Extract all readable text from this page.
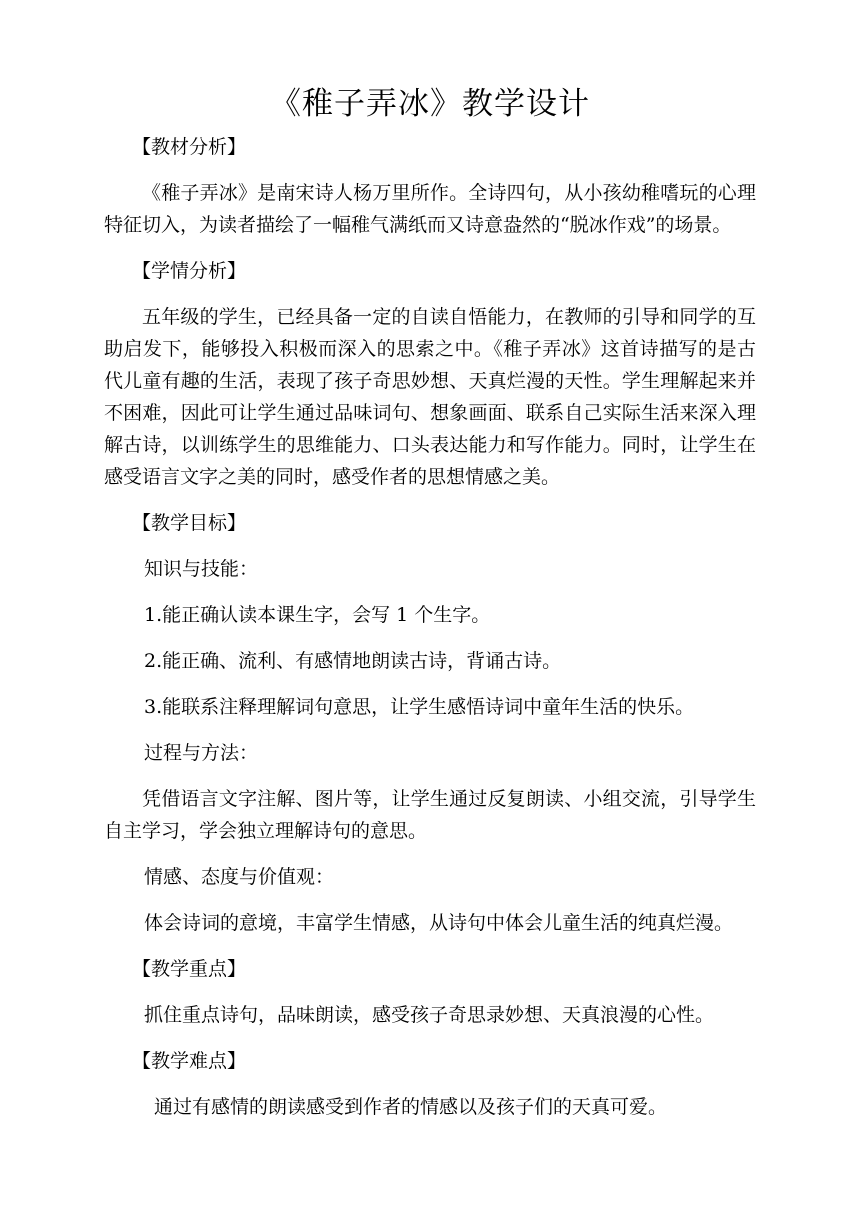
《稚子弄冰》教学设计

【教材分析】

《稚子弄冰》是南宋诗人杨万里所作。全诗四句，从小孩幼稚嗜玩的心理特征切入，为读者描绘了一幅稚气满纸而又诗意盎然的“脱冰作戏”的场景。

【学情分析】

五年级的学生，已经具备一定的自读自悟能力，在教师的引导和同学的互助启发下，能够投入积极而深入的思索之中。《稚子弄冰》这首诗描写的是古代儿童有趣的生活，表现了孩子奇思妙想、天真烂漫的天性。学生理解起来并不困难，因此可让学生通过品味词句、想象画面、联系自己实际生活来深入理解古诗，以训练学生的思维能力、口头表达能力和写作能力。同时，让学生在感受语言文字之美的同时，感受作者的思想情感之美。

【教学目标】

知识与技能：

1.能正确认读本课生字，会写 1 个生字。

2.能正确、流利、有感情地朗读古诗，背诵古诗。

3.能联系注释理解词句意思，让学生感悟诗词中童年生活的快乐。

过程与方法：

凭借语言文字注解、图片等，让学生通过反复朗读、小组交流，引导学生自主学习，学会独立理解诗句的意思。

情感、态度与价值观：

体会诗词的意境，丰富学生情感，从诗句中体会儿童生活的纯真烂漫。

【教学重点】

抓住重点诗句，品味朗读，感受孩子奇思录妙想、天真浪漫的心性。

【教学难点】

通过有感情的朗读感受到作者的情感以及孩子们的天真可爱。
